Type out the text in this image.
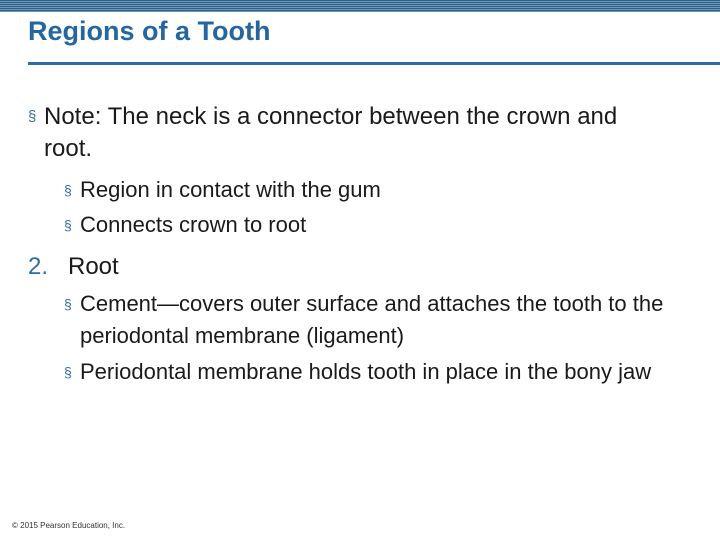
Regions of a Tooth
§ Note: The neck is a connector between the crown and root.
§ Region in contact with the gum
§ Connects crown to root
2. Root
§ Cement—covers outer surface and attaches the tooth to the periodontal membrane (ligament)
§ Periodontal membrane holds tooth in place in the bony jaw
© 2015 Pearson Education, Inc.
